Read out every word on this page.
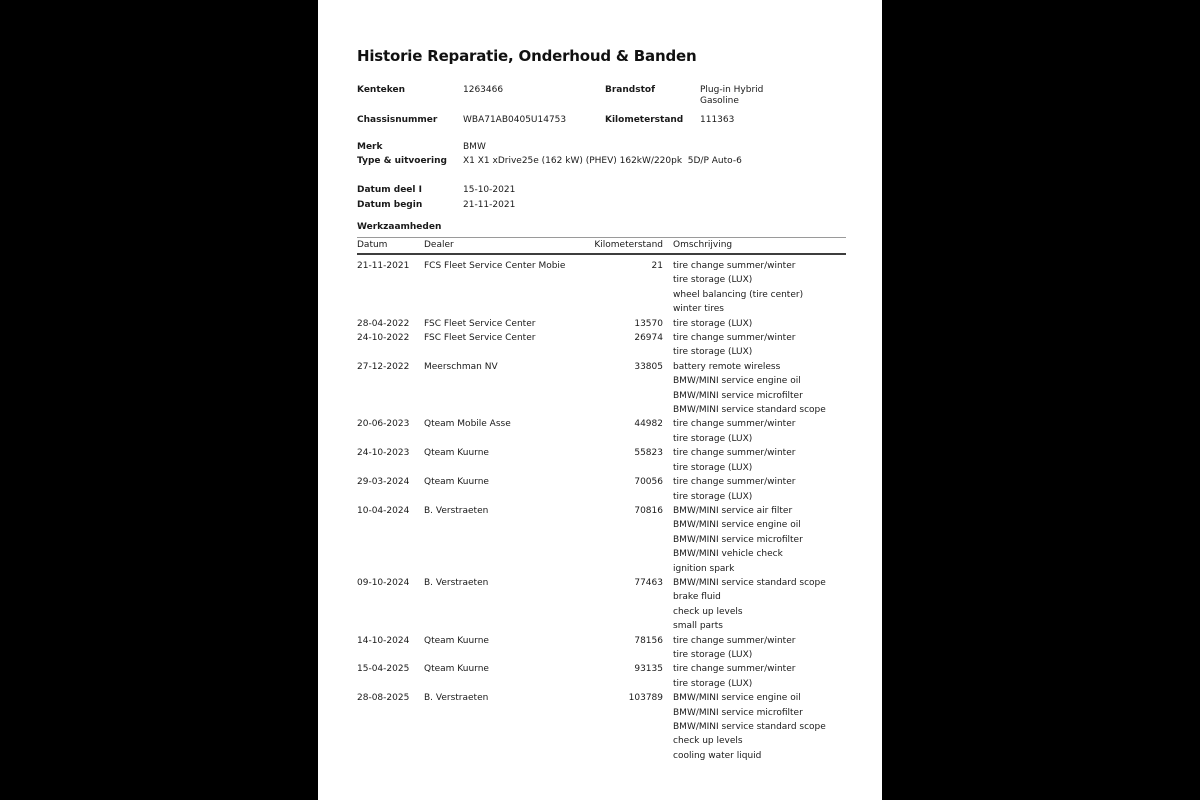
Historie Reparatie, Onderhoud & Banden
Kenteken	1263466	Brandstof	Plug-in Hybrid
Gasoline
Chassisnummer	WBA71AB0405U14753	Kilometerstand	111363
Merk	BMW
Type & uitvoering	X1 X1 xDrive25e (162 kW) (PHEV) 162kW/220pk  5D/P Auto-6
Datum deel I	15-10-2021
Datum begin	21-11-2021
Werkzaamheden
Datum	Dealer	Kilometerstand	Omschrijving
21-11-2021	FCS Fleet Service Center Mobie	21 tire change summer/winter
tire storage (LUX)
wheel balancing (tire center)
winter tires
28-04-2022	FSC Fleet Service Center	13570 tire storage (LUX)
24-10-2022	FSC Fleet Service Center	26974 tire change summer/winter
tire storage (LUX)
27-12-2022	Meerschman NV	33805 battery remote wireless
BMW/MINI service engine oil
BMW/MINI service microfilter
BMW/MINI service standard scope
20-06-2023	Qteam Mobile Asse	44982 tire change summer/winter
tire storage (LUX)
24-10-2023	Qteam Kuurne	55823 tire change summer/winter
tire storage (LUX)
29-03-2024	Qteam Kuurne	70056 tire change summer/winter
tire storage (LUX)
10-04-2024	B. Verstraeten	70816 BMW/MINI service air filter
BMW/MINI service engine oil
BMW/MINI service microfilter
BMW/MINI vehicle check
ignition spark
09-10-2024	B. Verstraeten	77463 BMW/MINI service standard scope
brake fluid
check up levels
small parts
14-10-2024	Qteam Kuurne	78156 tire change summer/winter
tire storage (LUX)
15-04-2025	Qteam Kuurne	93135 tire change summer/winter
tire storage (LUX)
28-08-2025	B. Verstraeten	103789 BMW/MINI service engine oil
BMW/MINI service microfilter
BMW/MINI service standard scope
check up levels
cooling water liquid
